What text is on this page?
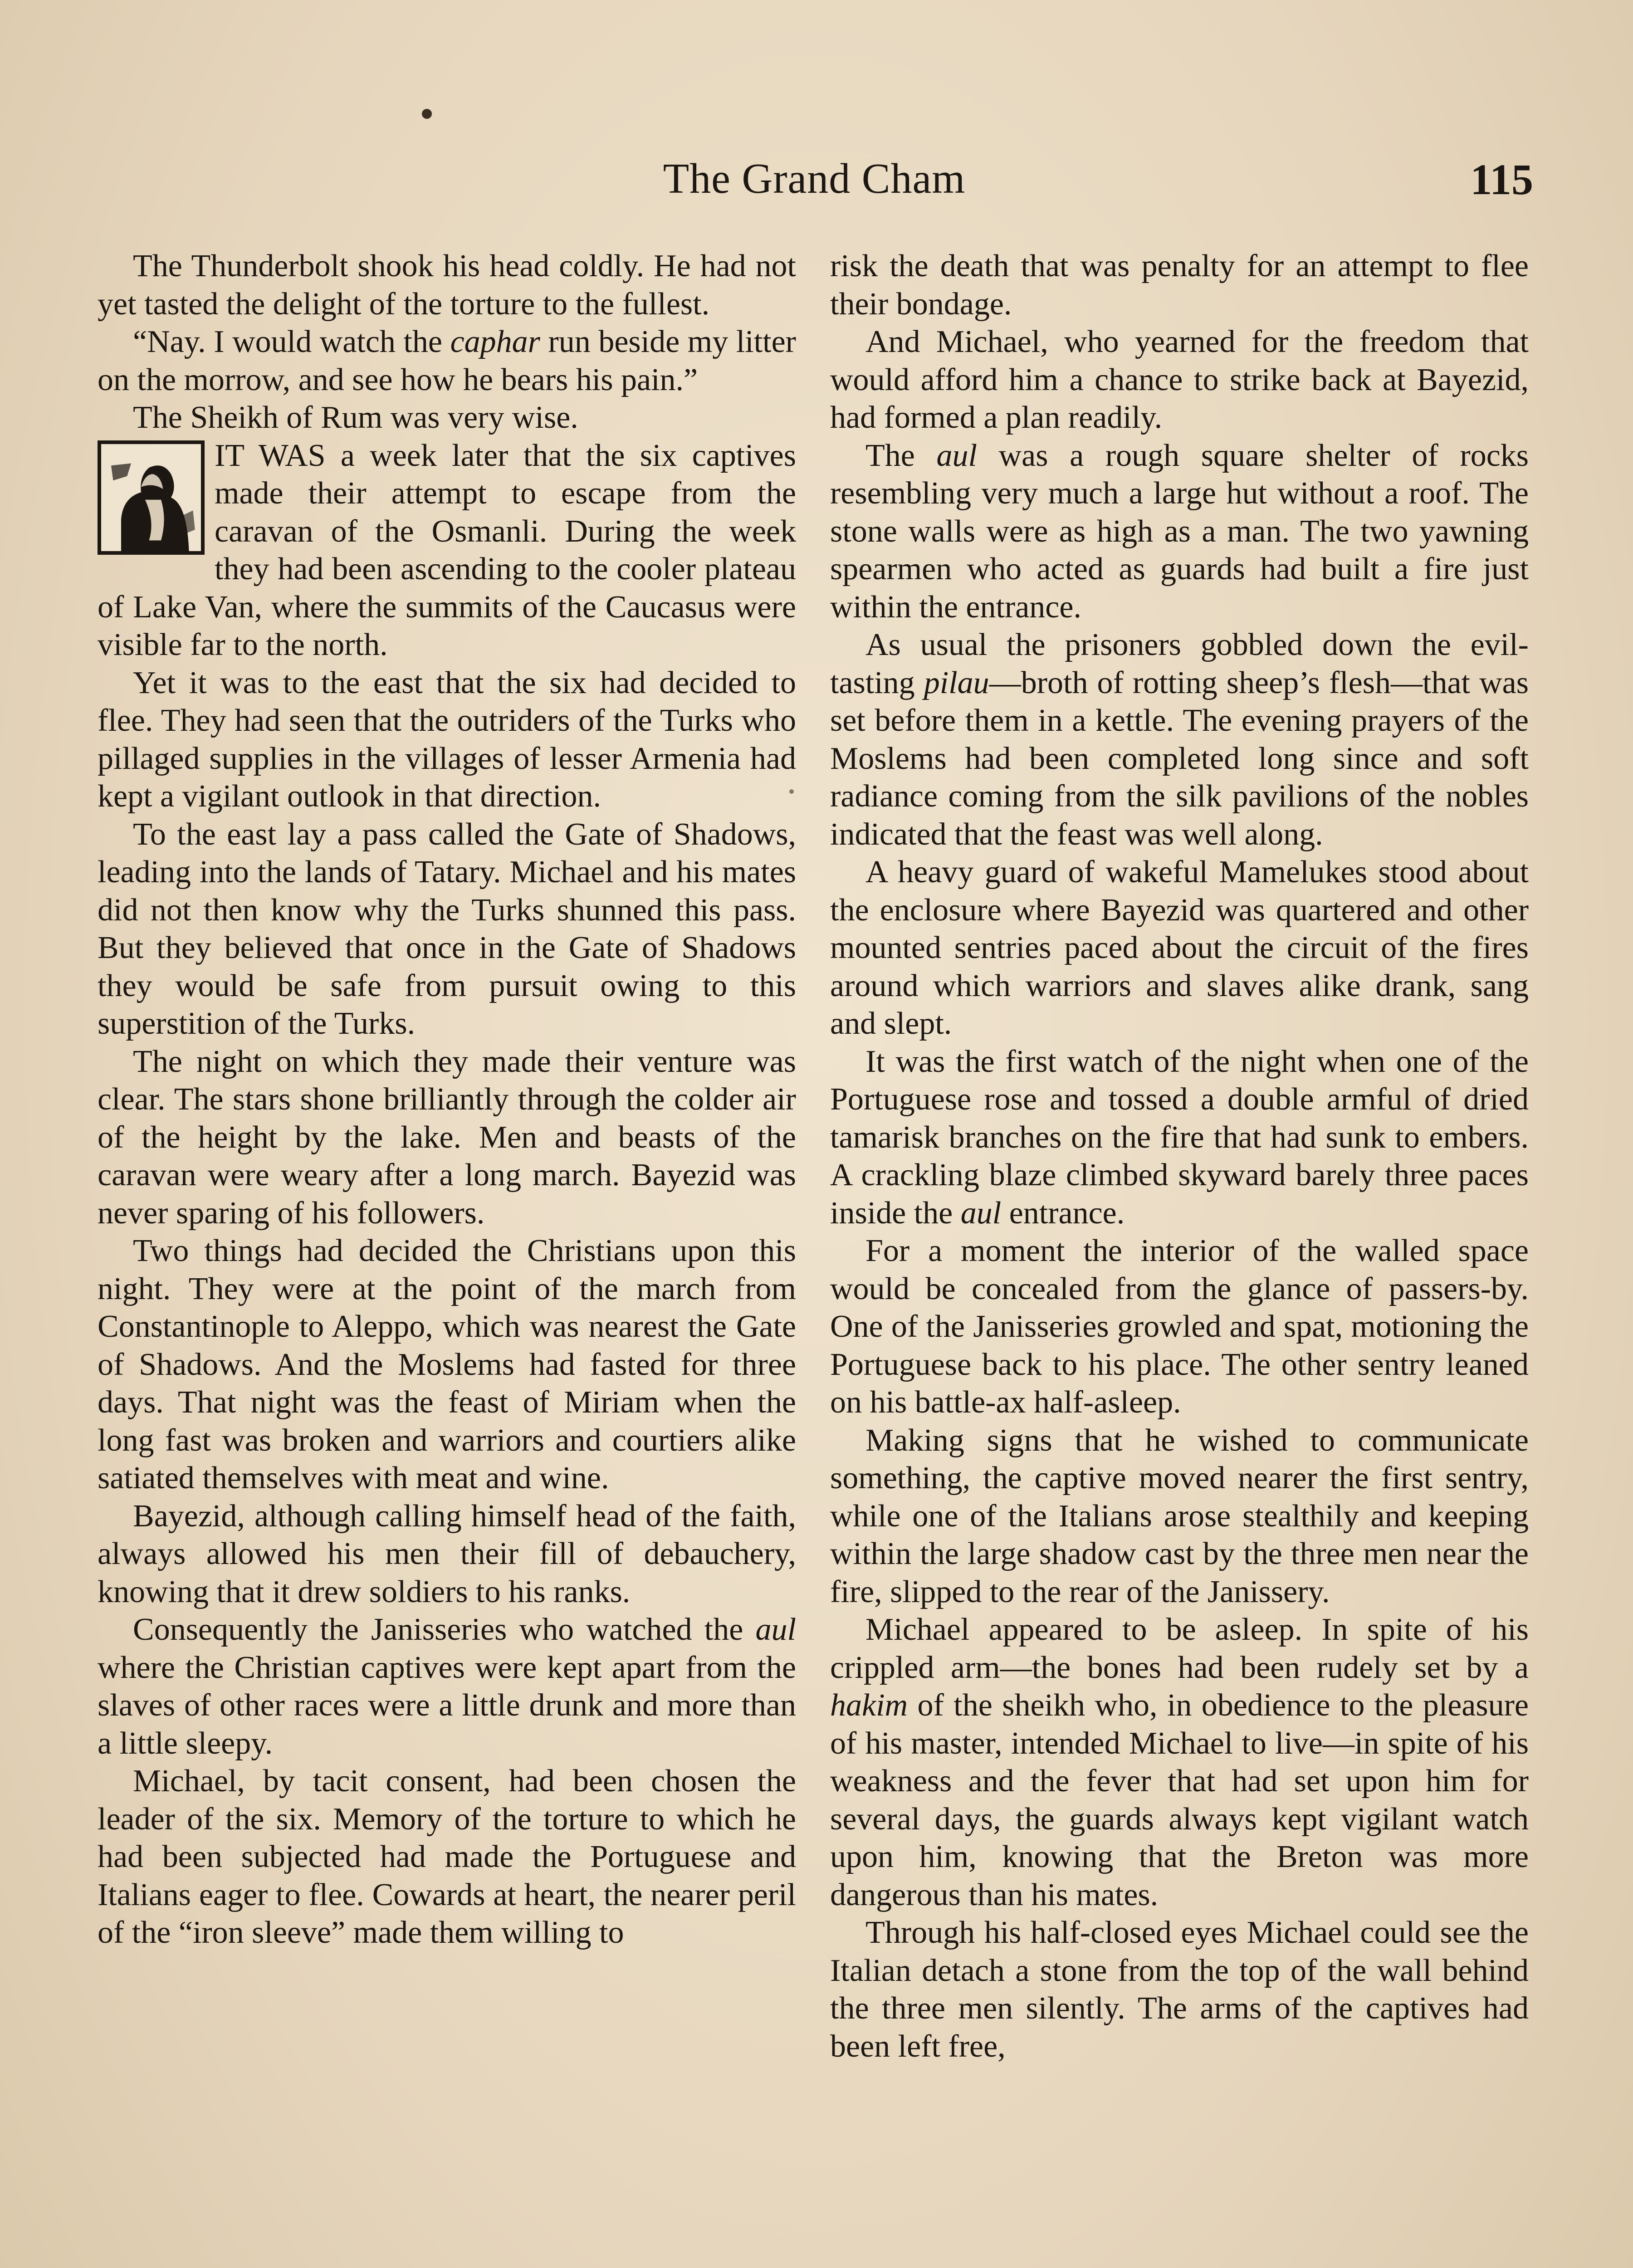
The Grand Cham	115

The Thunderbolt shook his head coldly. He had not yet tasted the delight of the torture to the fullest.

“Nay. I would watch the caphar run beside my litter on the morrow, and see how he bears his pain.”

The Sheikh of Rum was very wise.

IT WAS a week later that the six captives made their attempt to escape from the caravan of the Osmanli. During the week they had been ascending to the cooler plateau of Lake Van, where the summits of the Caucasus were visible far to the north.

Yet it was to the east that the six had decided to flee. They had seen that the outriders of the Turks who pillaged supplies in the villages of lesser Armenia had kept a vigilant outlook in that direction.

To the east lay a pass called the Gate of Shadows, leading into the lands of Tatary. Michael and his mates did not then know why the Turks shunned this pass. But they believed that once in the Gate of Shadows they would be safe from pursuit owing to this superstition of the Turks.

The night on which they made their venture was clear. The stars shone brilliantly through the colder air of the height by the lake. Men and beasts of the caravan were weary after a long march. Bayezid was never sparing of his followers.

Two things had decided the Christians upon this night. They were at the point of the march from Constantinople to Aleppo, which was nearest the Gate of Shadows. And the Moslems had fasted for three days. That night was the feast of Miriam when the long fast was broken and warriors and courtiers alike satiated themselves with meat and wine.

Bayezid, although calling himself head of the faith, always allowed his men their fill of debauchery, knowing that it drew soldiers to his ranks.

Consequently the Janisseries who watched the aul where the Christian captives were kept apart from the slaves of other races were a little drunk and more than a little sleepy.

Michael, by tacit consent, had been chosen the leader of the six. Memory of the torture to which he had been subjected had made the Portuguese and Italians eager to flee. Cowards at heart, the nearer peril of the “iron sleeve” made them willing to

risk the death that was penalty for an attempt to flee their bondage.

And Michael, who yearned for the freedom that would afford him a chance to strike back at Bayezid, had formed a plan readily.

The aul was a rough square shelter of rocks resembling very much a large hut without a roof. The stone walls were as high as a man. The two yawning spearmen who acted as guards had built a fire just within the entrance.

As usual the prisoners gobbled down the evil-tasting pilau—broth of rotting sheep’s flesh—that was set before them in a kettle. The evening prayers of the Moslems had been completed long since and soft radiance coming from the silk pavilions of the nobles indicated that the feast was well along.

A heavy guard of wakeful Mamelukes stood about the enclosure where Bayezid was quartered and other mounted sentries paced about the circuit of the fires around which warriors and slaves alike drank, sang and slept.

It was the first watch of the night when one of the Portuguese rose and tossed a double armful of dried tamarisk branches on the fire that had sunk to embers. A crackling blaze climbed skyward barely three paces inside the aul entrance.

For a moment the interior of the walled space would be concealed from the glance of passers-by. One of the Janisseries growled and spat, motioning the Portuguese back to his place. The other sentry leaned on his battle-ax half-asleep.

Making signs that he wished to communicate something, the captive moved nearer the first sentry, while one of the Italians arose stealthily and keeping within the large shadow cast by the three men near the fire, slipped to the rear of the Janissery.

Michael appeared to be asleep. In spite of his crippled arm—the bones had been rudely set by a hakim of the sheikh who, in obedience to the pleasure of his master, intended Michael to live—in spite of his weakness and the fever that had set upon him for several days, the guards always kept vigilant watch upon him, knowing that the Breton was more dangerous than his mates.

Through his half-closed eyes Michael could see the Italian detach a stone from the top of the wall behind the three men silently. The arms of the captives had been left free,
